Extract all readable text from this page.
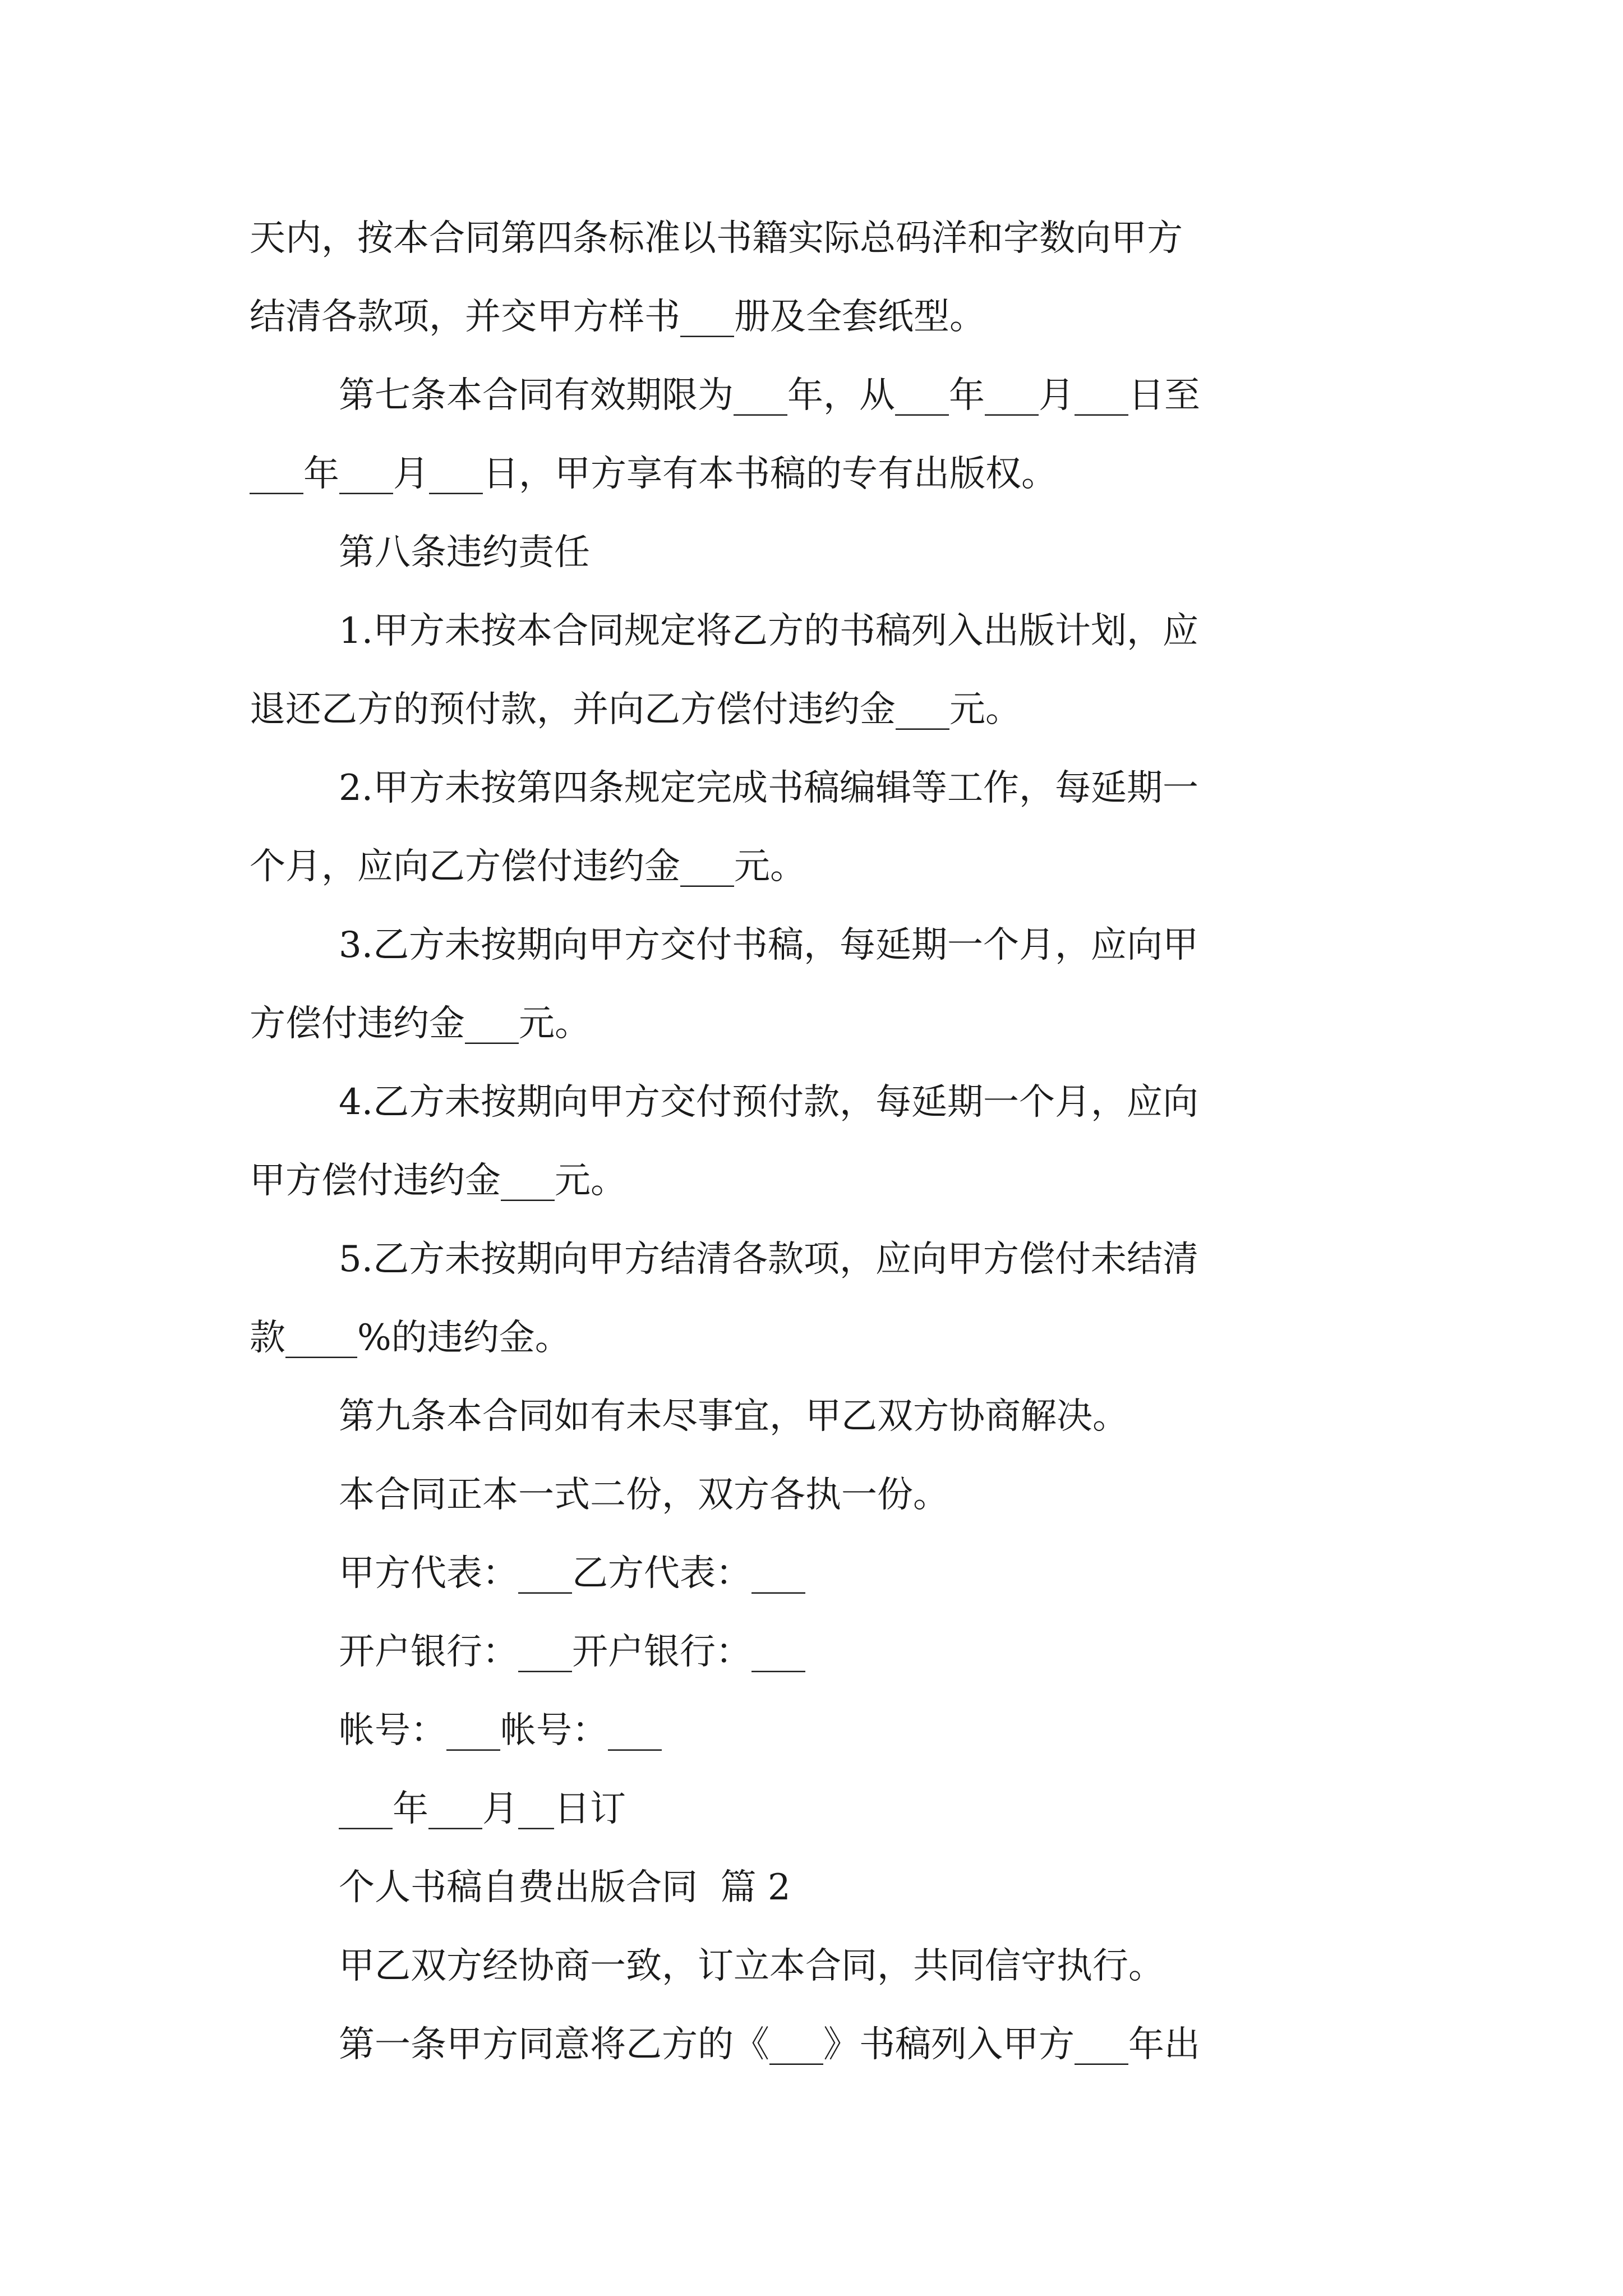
天内，按本合同第四条标准以书籍实际总码洋和字数向甲方
结清各款项，并交甲方样书___册及全套纸型。
第七条本合同有效期限为___年，从___年___月___日至
___年___月___日，甲方享有本书稿的专有出版权。
第八条违约责任
1.甲方未按本合同规定将乙方的书稿列入出版计划，应
退还乙方的预付款，并向乙方偿付违约金___元。
2.甲方未按第四条规定完成书稿编辑等工作，每延期一
个月，应向乙方偿付违约金___元。
3.乙方未按期向甲方交付书稿，每延期一个月，应向甲
方偿付违约金___元。
4.乙方未按期向甲方交付预付款，每延期一个月，应向
甲方偿付违约金___元。
5.乙方未按期向甲方结清各款项，应向甲方偿付未结清
款____%的违约金。
第九条本合同如有未尽事宜，甲乙双方协商解决。
本合同正本一式二份，双方各执一份。
甲方代表：___乙方代表：___
开户银行：___开户银行：___
帐号：___帐号：___
___年___月__日订
个人书稿自费出版合同  篇 2
甲乙双方经协商一致，订立本合同，共同信守执行。
第一条甲方同意将乙方的《___》书稿列入甲方___年出
